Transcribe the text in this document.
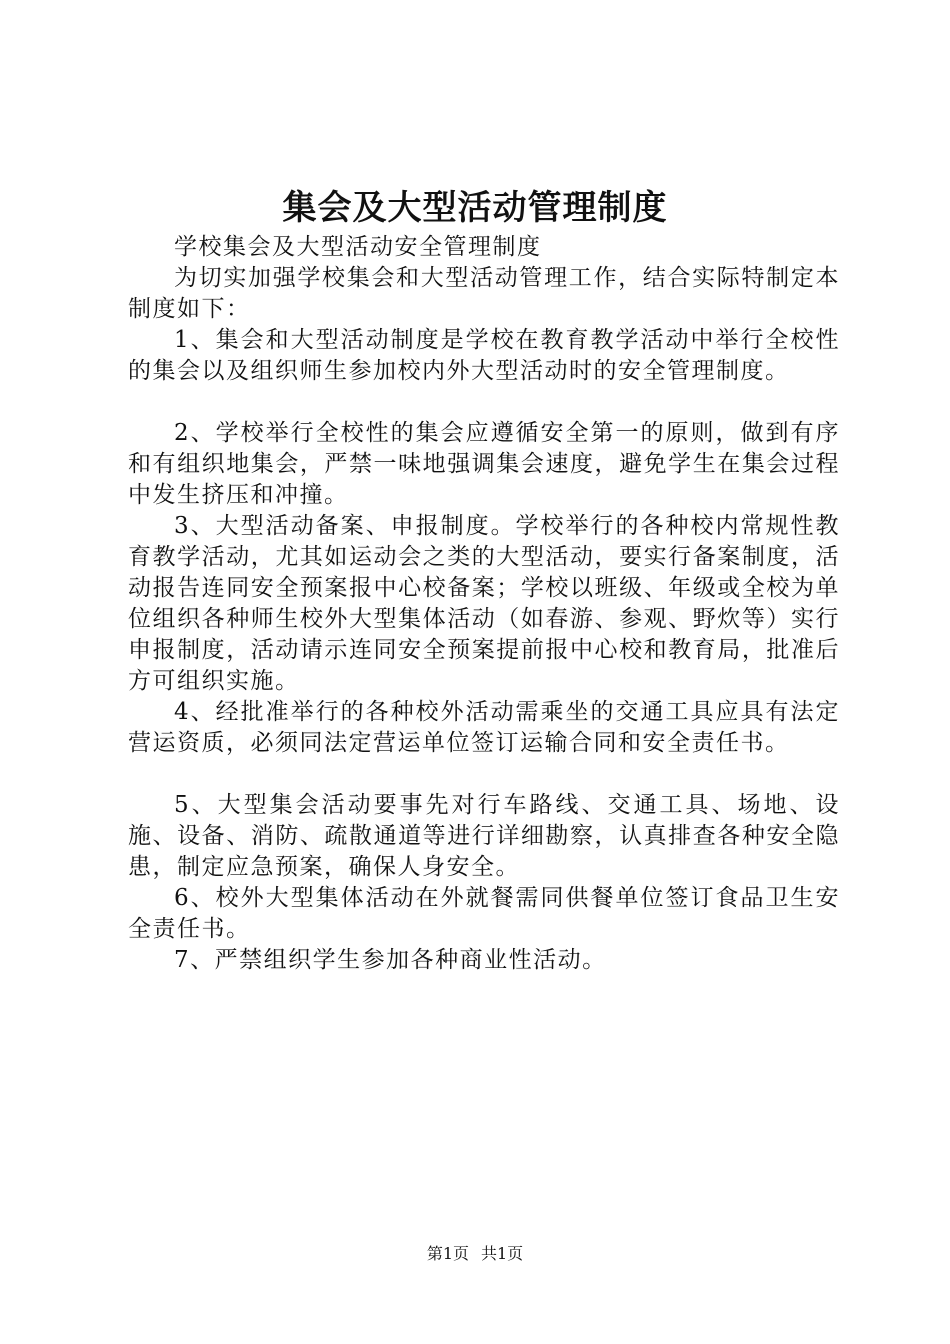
集会及大型活动管理制度

学校集会及大型活动安全管理制度

为切实加强学校集会和大型活动管理工作，结合实际特制定本制度如下：

1、集会和大型活动制度是学校在教育教学活动中举行全校性的集会以及组织师生参加校内外大型活动时的安全管理制度。

2、学校举行全校性的集会应遵循安全第一的原则，做到有序和有组织地集会，严禁一味地强调集会速度，避免学生在集会过程中发生挤压和冲撞。

3、大型活动备案、申报制度。学校举行的各种校内常规性教育教学活动，尤其如运动会之类的大型活动，要实行备案制度，活动报告连同安全预案报中心校备案；学校以班级、年级或全校为单位组织各种师生校外大型集体活动（如春游、参观、野炊等）实行申报制度，活动请示连同安全预案提前报中心校和教育局，批准后方可组织实施。

4、经批准举行的各种校外活动需乘坐的交通工具应具有法定营运资质，必须同法定营运单位签订运输合同和安全责任书。

5、大型集会活动要事先对行车路线、交通工具、场地、设施、设备、消防、疏散通道等进行详细勘察，认真排查各种安全隐患，制定应急预案，确保人身安全。

6、校外大型集体活动在外就餐需同供餐单位签订食品卫生安全责任书。

7、严禁组织学生参加各种商业性活动。

第1页 共1页
